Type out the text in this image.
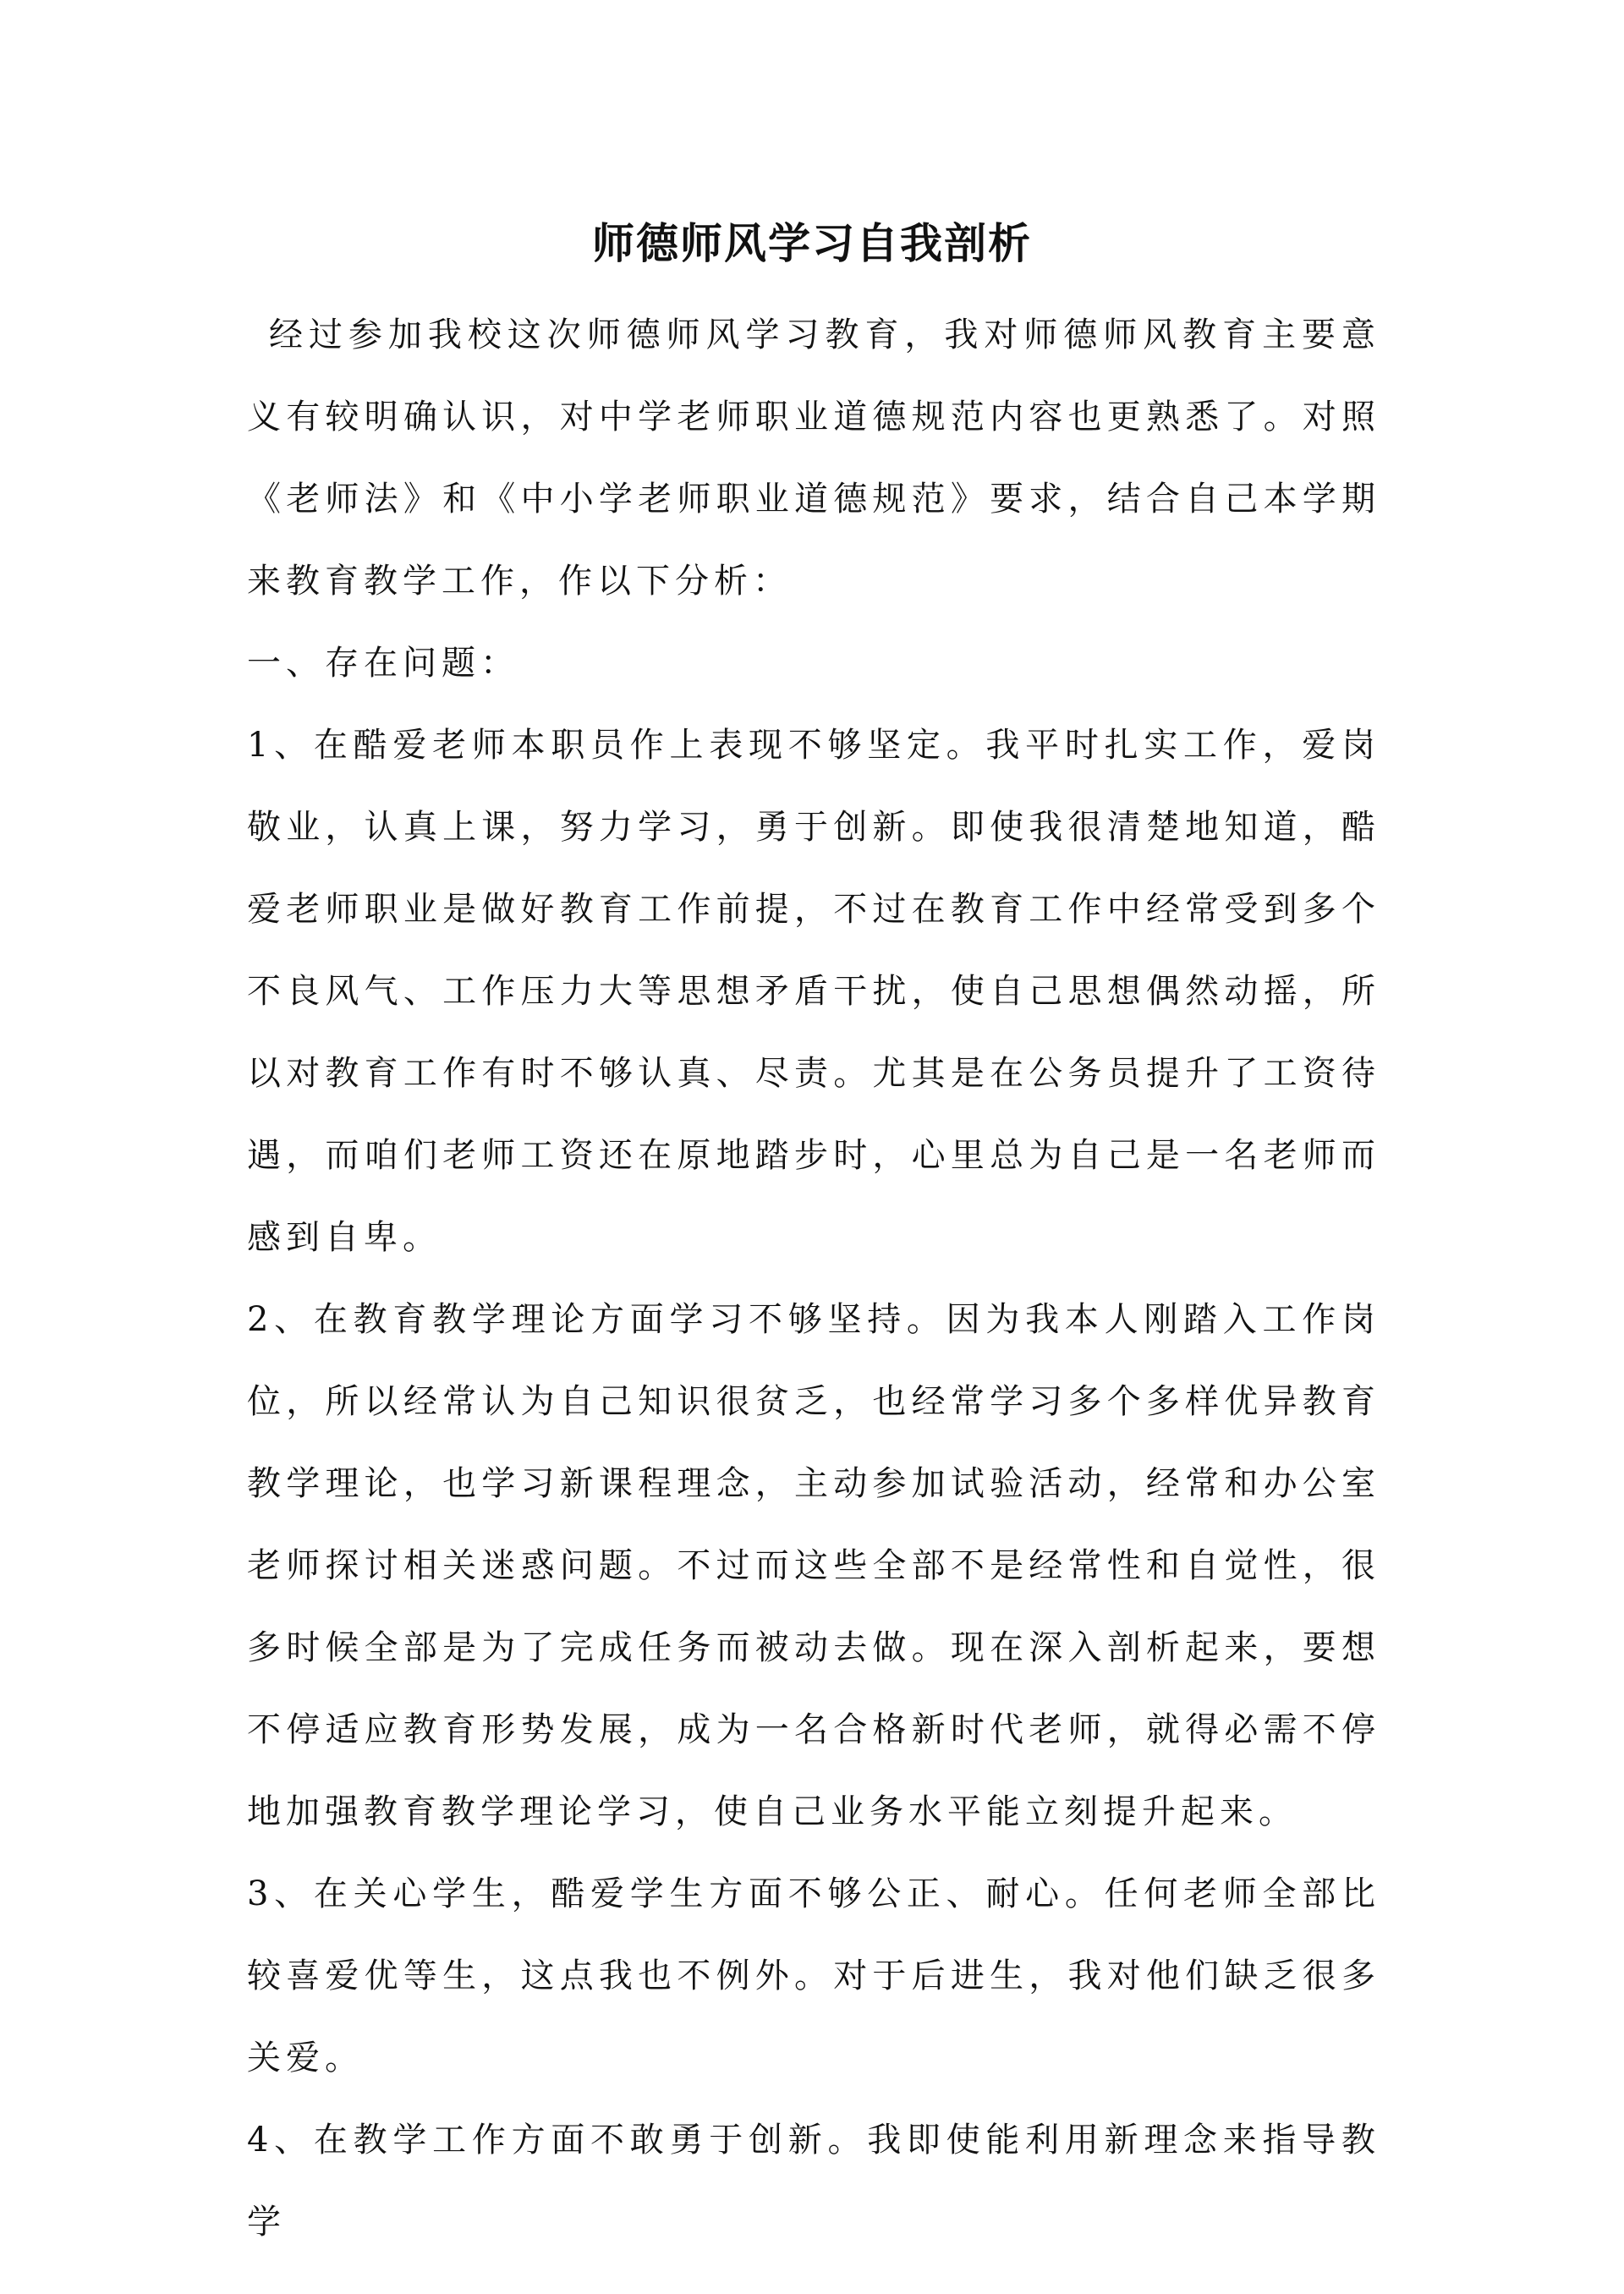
师德师风学习自我剖析

经过参加我校这次师德师风学习教育，我对师德师风教育主要意义有较明确认识，对中学老师职业道德规范内容也更熟悉了。对照《老师法》和《中小学老师职业道德规范》要求，结合自己本学期来教育教学工作，作以下分析：

一、存在问题：

1、在酷爱老师本职员作上表现不够坚定。我平时扎实工作，爱岗敬业，认真上课，努力学习，勇于创新。即使我很清楚地知道，酷爱老师职业是做好教育工作前提，不过在教育工作中经常受到多个不良风气、工作压力大等思想矛盾干扰，使自己思想偶然动摇，所以对教育工作有时不够认真、尽责。尤其是在公务员提升了工资待遇，而咱们老师工资还在原地踏步时，心里总为自己是一名老师而感到自卑。

2、在教育教学理论方面学习不够坚持。因为我本人刚踏入工作岗位，所以经常认为自己知识很贫乏，也经常学习多个多样优异教育教学理论，也学习新课程理念，主动参加试验活动，经常和办公室老师探讨相关迷惑问题。不过而这些全部不是经常性和自觉性，很多时候全部是为了完成任务而被动去做。现在深入剖析起来，要想不停适应教育形势发展，成为一名合格新时代老师，就得必需不停地加强教育教学理论学习，使自己业务水平能立刻提升起来。

3、在关心学生，酷爱学生方面不够公正、耐心。任何老师全部比较喜爱优等生，这点我也不例外。对于后进生，我对他们缺乏很多关爱。

4、在教学工作方面不敢勇于创新。我即使能利用新理念来指导教学
